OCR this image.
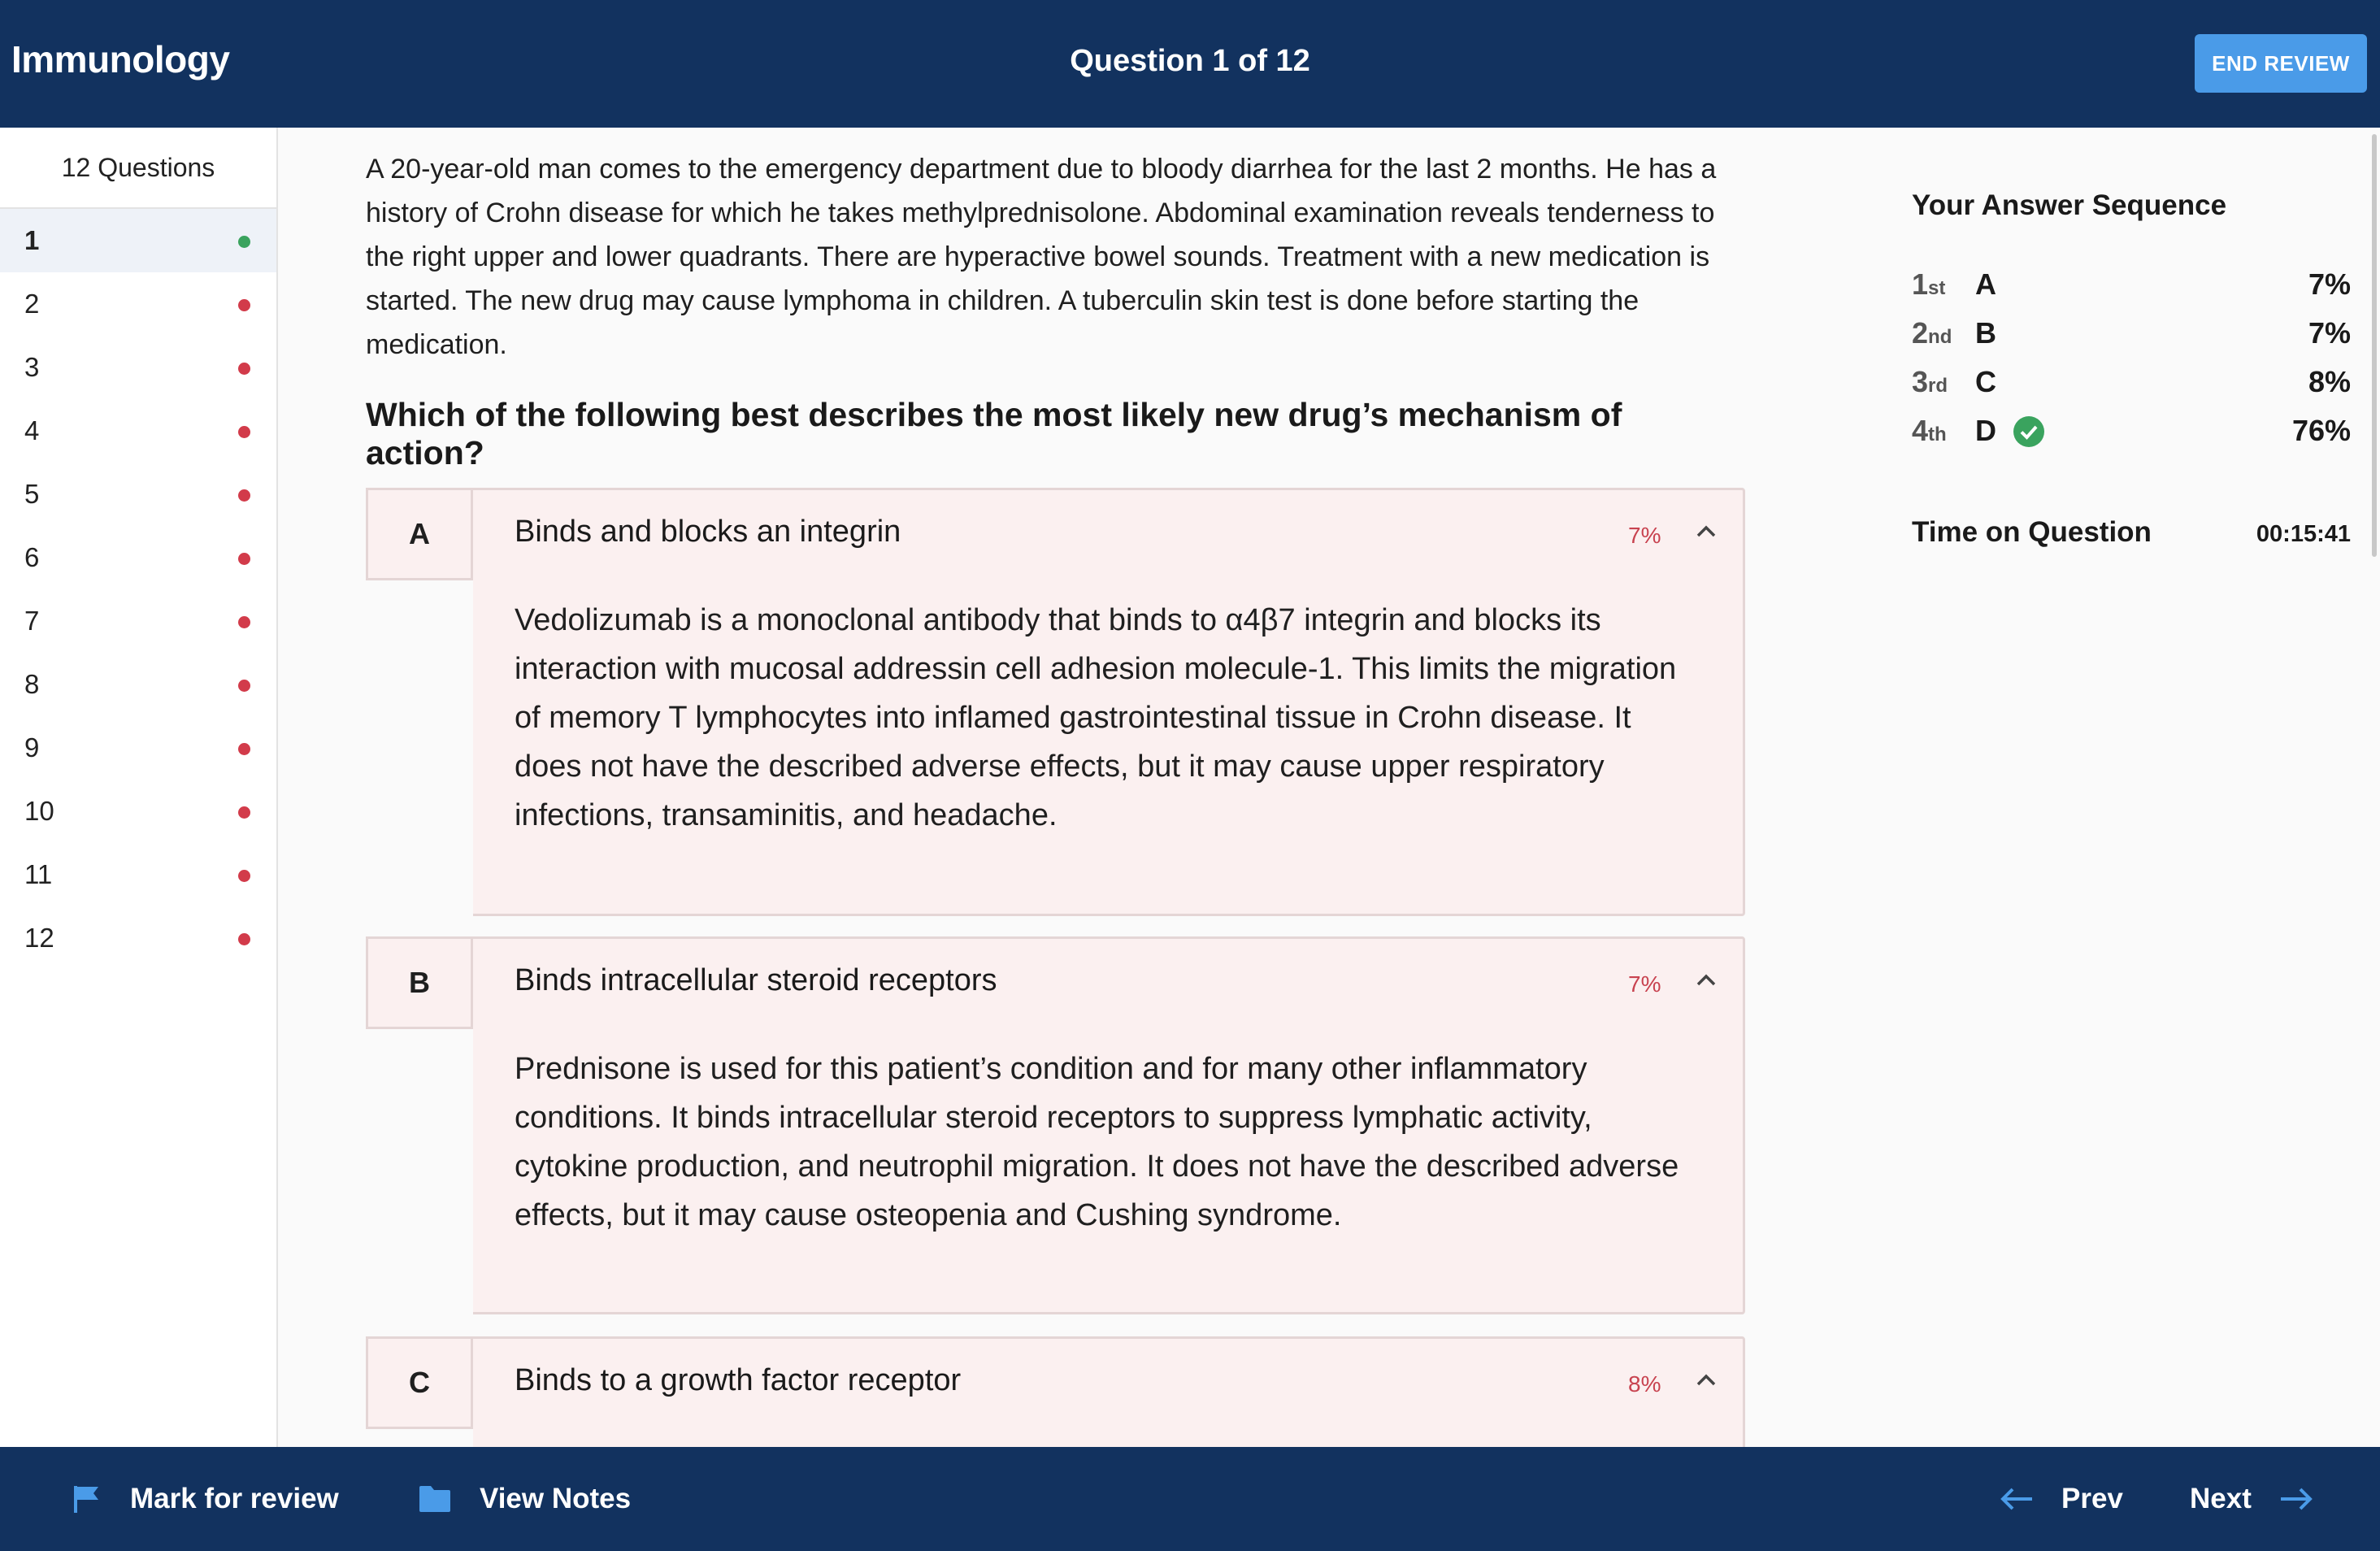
Immunology	Question 1 of 12	END REVIEW
12 Questions
1
2
3
4
5
6
7
8
9
10
11
12

A 20-year-old man comes to the emergency department due to bloody diarrhea for the last 2 months. He has a history of Crohn disease for which he takes methylprednisolone. Abdominal examination reveals tenderness to the right upper and lower quadrants. There are hyperactive bowel sounds. Treatment with a new medication is started. The new drug may cause lymphoma in children. A tuberculin skin test is done before starting the medication.

Which of the following best describes the most likely new drug’s mechanism of action?
A	Binds and blocks an integrin	7%
Vedolizumab is a monoclonal antibody that binds to α4β7 integrin and blocks its interaction with mucosal addressin cell adhesion molecule-1. This limits the migration of memory T lymphocytes into inflamed gastrointestinal tissue in Crohn disease. It does not have the described adverse effects, but it may cause upper respiratory infections, transaminitis, and headache.
B	Binds intracellular steroid receptors	7%
Prednisone is used for this patient’s condition and for many other inflammatory conditions. It binds intracellular steroid receptors to suppress lymphatic activity, cytokine production, and neutrophil migration. It does not have the described adverse effects, but it may cause osteopenia and Cushing syndrome.
C	Binds to a growth factor receptor	8%
Your Answer Sequence
1st A	7%
2nd B	7%
3rd C	8%
4th D	76%
Time on Question	00:15:41
Mark for review	View Notes	Prev Next
